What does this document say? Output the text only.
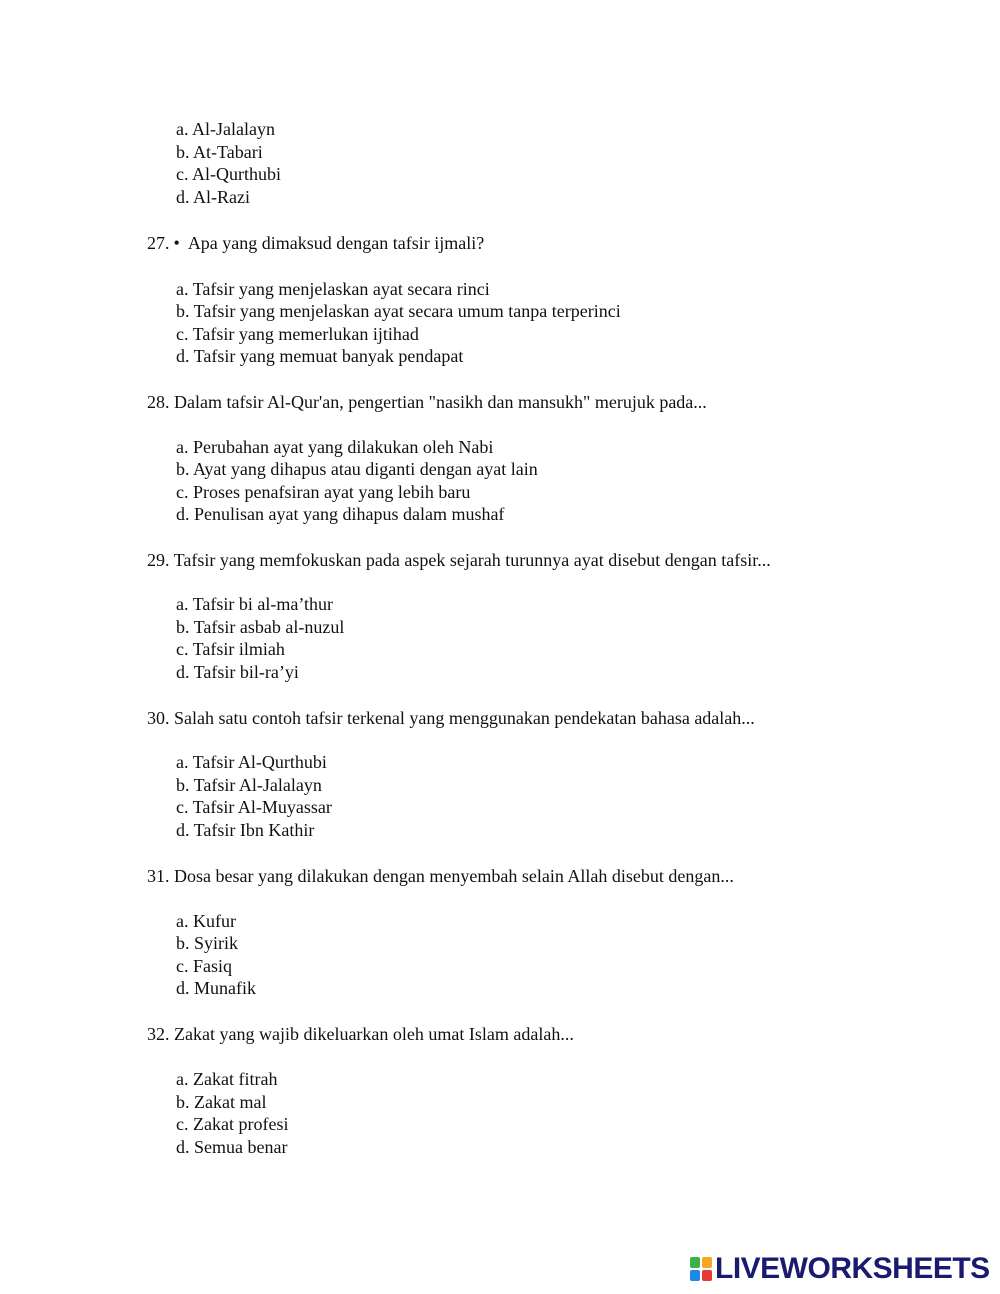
a. Al-Jalalayn
b. At-Tabari
c. Al-Qurthubi
d. Al-Razi
27. • Apa yang dimaksud dengan tafsir ijmali?
a. Tafsir yang menjelaskan ayat secara rinci
b. Tafsir yang menjelaskan ayat secara umum tanpa terperinci
c. Tafsir yang memerlukan ijtihad
d. Tafsir yang memuat banyak pendapat
28. Dalam tafsir Al-Qur'an, pengertian "nasikh dan mansukh" merujuk pada...
a. Perubahan ayat yang dilakukan oleh Nabi
b. Ayat yang dihapus atau diganti dengan ayat lain
c. Proses penafsiran ayat yang lebih baru
d. Penulisan ayat yang dihapus dalam mushaf
29. Tafsir yang memfokuskan pada aspek sejarah turunnya ayat disebut dengan tafsir...
a. Tafsir bi al-ma’thur
b. Tafsir asbab al-nuzul
c. Tafsir ilmiah
d. Tafsir bil-ra’yi
30. Salah satu contoh tafsir terkenal yang menggunakan pendekatan bahasa adalah...
a. Tafsir Al-Qurthubi
b. Tafsir Al-Jalalayn
c. Tafsir Al-Muyassar
d. Tafsir Ibn Kathir
31. Dosa besar yang dilakukan dengan menyembah selain Allah disebut dengan...
a. Kufur
b. Syirik
c. Fasiq
d. Munafik
32. Zakat yang wajib dikeluarkan oleh umat Islam adalah...
a. Zakat fitrah
b. Zakat mal
c. Zakat profesi
d. Semua benar
LIVEWORKSHEETS
